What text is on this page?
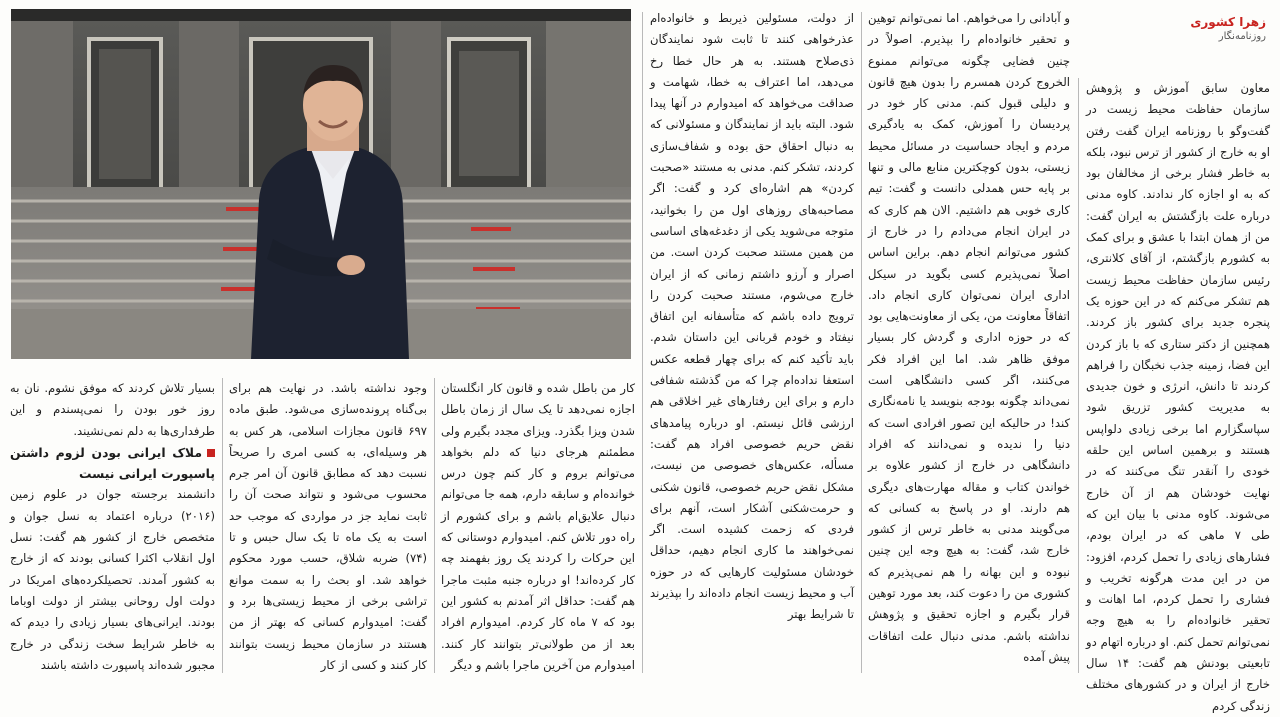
زهرا کشوری
روزنامه‌نگار

معاون سابق آموزش و پژوهش سازمان حفاظت محیط زیست در گفت‌وگو با روزنامه ایران گفت رفتن او به خارج از کشور از ترس نبود، بلکه به خاطر فشار برخی از مخالفان بود که به او اجازه کار ندادند. کاوه مدنی درباره علت بازگشتش به ایران گفت: من از همان ابتدا با عشق و برای کمک به کشورم بازگشتم، از آقای کلانتری، رئیس سازمان حفاظت محیط زیست هم تشکر می‌کنم که در این حوزه یک پنجره جدید برای کشور باز کردند. همچنین از دکتر ستاری که با باز کردن این فضا، زمینه جذب نخبگان را فراهم کردند تا دانش، انرژی و خون جدیدی به مدیریت کشور تزریق شود سپاسگزارم اما برخی زیادی دلواپس هستند و برهمین اساس این حلقه خودی را آنقدر تنگ می‌کنند که در نهایت خودشان هم از آن خارج می‌شوند. کاوه مدنی با بیان این که طی ۷ ماهی که در ایران بودم، فشارهای زیادی را تحمل کردم، افزود: من در این مدت هرگونه تخریب و فشاری را تحمل کردم، اما اهانت و تحقیر خانواده‌ام را به هیچ وجه نمی‌توانم تحمل کنم. او درباره اتهام دو تابعیتی بودنش هم گفت: ۱۴ سال خارج از ایران و در کشورهای مختلف زندگی کردم

و آبادانی را می‌خواهم. اما نمی‌توانم توهین و تحقیر خانواده‌ام را بپذیرم. اصولاً در چنین فضایی چگونه می‌توانم ممنوع الخروج کردن همسرم را بدون هیچ قانون و دلیلی قبول کنم. مدنی کار خود در پردیسان را آموزش، کمک به یادگیری مردم و ایجاد حساسیت در مسائل محیط زیستی، بدون کوچکترین منابع مالی و تنها بر پایه حس همدلی دانست و گفت: تیم کاری خوبی هم داشتیم. الان هم کاری که در ایران انجام می‌دادم را در خارج از کشور می‌توانم انجام دهم. براین اساس اصلاً نمی‌پذیرم کسی بگوید در سیکل اداری ایران نمی‌توان کاری انجام داد. اتفاقاً معاونت من، یکی از معاونت‌هایی بود که در حوزه اداری و گردش کار بسیار موفق ظاهر شد. اما این افراد فکر می‌کنند، اگر کسی دانشگاهی است نمی‌داند چگونه بودجه بنویسد یا نامه‌نگاری کند! در حالیکه این تصور افرادی است که دنیا را ندیده و نمی‌دانند که افراد دانشگاهی در خارج از کشور علاوه بر خواندن کتاب و مقاله مهارت‌های دیگری هم دارند. او در پاسخ به کسانی که می‌گویند مدنی به خاطر ترس از کشور خارج شد، گفت: به هیچ وجه این چنین نبوده و این بهانه را هم نمی‌پذیرم که کشوری من را دعوت کند، بعد مورد توهین قرار بگیرم و اجازه تحقیق و پژوهش نداشته باشم. مدنی دنبال علت اتفاقات پیش آمده

از دولت، مسئولین ذیربط و خانواده‌ام عذرخواهی کنند تا ثابت شود نمایندگان ذی‌صلاح هستند. به هر حال خطا رخ می‌دهد، اما اعتراف به خطا، شهامت و صداقت می‌خواهد که امیدوارم در آنها پیدا شود. البته باید از نمایندگان و مسئولانی که به دنبال احقاق حق بوده و شفاف‌سازی کردند، تشکر کنم. مدنی به مستند «صحبت کردن» هم اشاره‌ای کرد و گفت: اگر مصاحبه‌های روزهای اول من را بخوانید، متوجه می‌شوید یکی از دغدغه‌های اساسی من همین مستند صحبت کردن است. من اصرار و آرزو داشتم زمانی که از ایران خارج می‌شوم، مستند صحبت کردن را ترویج داده باشم که متأسفانه این اتفاق نیفتاد و خودم قربانی این داستان شدم. باید تأکید کنم که برای چهار قطعه عکس استعفا نداده‌ام چرا که من گذشته شفافی دارم و برای این رفتارهای غیر اخلاقی هم ارزشی قائل نیستم. او درباره پیامدهای نقض حریم خصوصی افراد هم گفت: مسأله، عکس‌های خصوصی من نیست، مشکل نقض حریم خصوصی، قانون شکنی و حرمت‌شکنی آشکار است، آنهم برای فردی که زحمت کشیده است. اگر نمی‌خواهند ما کاری انجام دهیم، حداقل خودشان مسئولیت کارهایی که در حوزه آب و محیط زیست انجام داده‌اند را بپذیرند تا شرایط بهتر

کار من باطل شده و قانون کار انگلستان اجازه نمی‌دهد تا یک سال از زمان باطل شدن ویزا بگذرد. ویزای مجدد بگیرم ولی مطمئنم هرجای دنیا که دلم بخواهد می‌توانم بروم و کار کنم چون درس خوانده‌ام و سابقه دارم، همه جا می‌توانم دنبال علایق‌ام باشم و برای کشورم از راه دور تلاش کنم. امیدوارم دوستانی که این حرکات را کردند یک روز بفهمند چه کار کرده‌اند! او درباره جنبه مثبت ماجرا هم گفت: حداقل اثر آمدنم به کشور این بود که ۷ ماه کار کردم. امیدوارم افراد بعد از من طولانی‌تر بتوانند کار کنند. امیدوارم من آخرین ماجرا باشم و دیگر

وجود نداشته باشد. در نهایت هم برای بی‌گناه پرونده‌سازی می‌شود. طبق ماده ۶۹۷ قانون مجازات اسلامی، هر کس به هر وسیله‌ای، به کسی امری را صریحاً نسبت دهد که مطابق قانون آن امر جرم محسوب می‌شود و نتواند صحت آن را ثابت نماید جز در مواردی که موجب حد است به یک ماه تا یک سال حبس و تا (۷۴) ضربه شلاق، حسب مورد محکوم خواهد شد. او بحث را به سمت موانع تراشی برخی از محیط زیستی‌ها برد و گفت: امیدوارم کسانی که بهتر از من هستند در سازمان محیط زیست بتوانند کار کنند و کسی از کار

بسیار تلاش کردند که موفق نشوم. نان به روز خور بودن را نمی‌پسندم و این طرفداری‌ها به دلم نمی‌نشیند.

ملاک ایرانی بودن لزوم داشتن پاسپورت ایرانی نیست

دانشمند برجسته جوان در علوم زمین (۲۰۱۶) درباره اعتماد به نسل جوان و متخصص خارج از کشور هم گفت: نسل اول انقلاب اکثرا کسانی بودند که از خارج به کشور آمدند. تحصیلکرده‌های امریکا در دولت اول روحانی بیشتر از دولت اوباما بودند. ایرانی‌های بسیار زیادی را دیدم که به خاطر شرایط سخت زندگی در خارج مجبور شده‌اند پاسپورت داشته باشند
